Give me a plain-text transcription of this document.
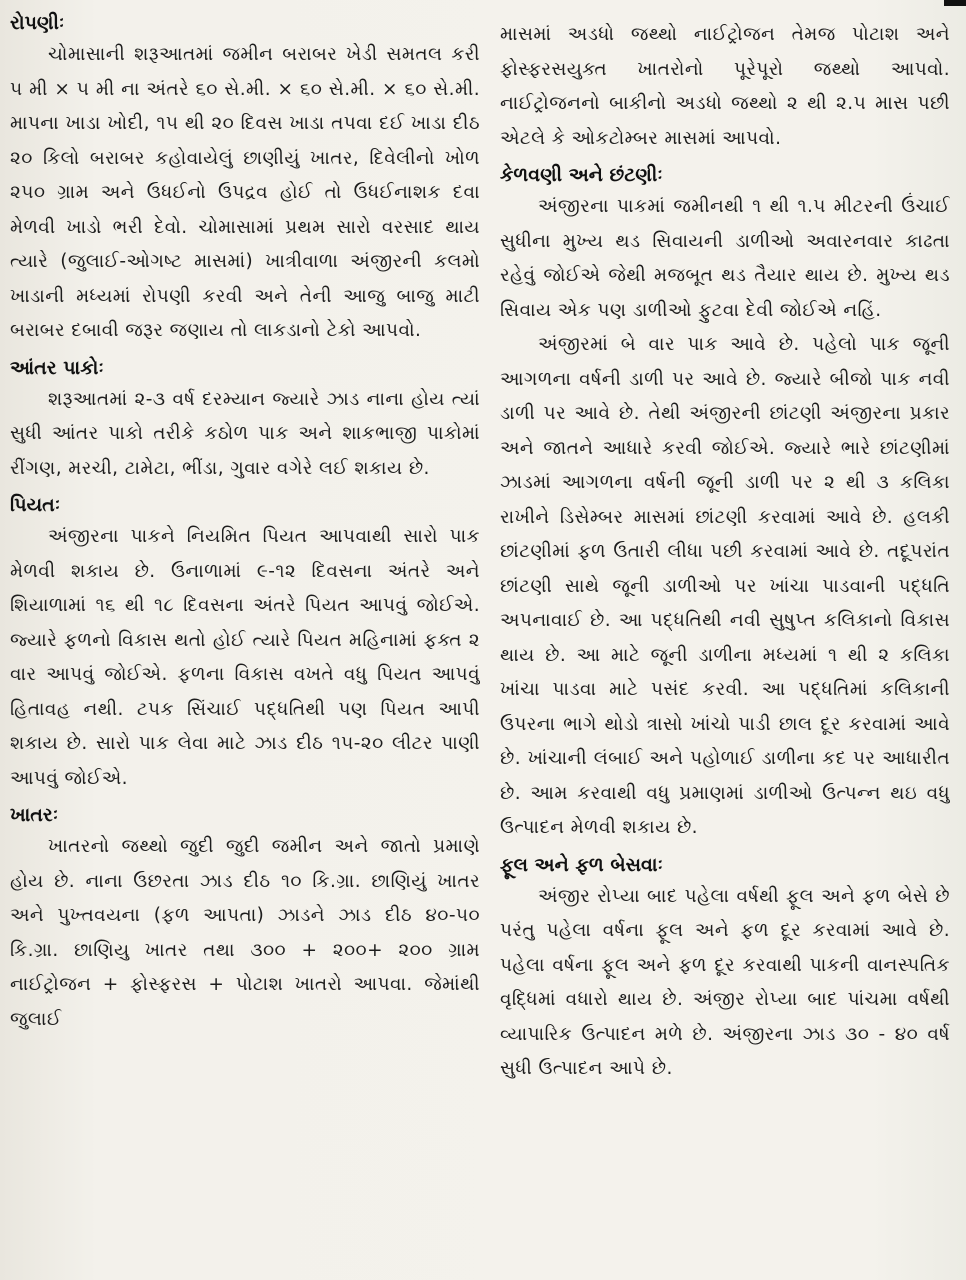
રોપણીઃ

ચોમાસાની શરૂઆતમાં જમીન બરાબર ખેડી સમતલ કરી ૫ મી × ૫ મી ના અંતરે ૬૦ સે.મી. × ૬૦ સે.મી. × ૬૦ સે.મી. માપના ખાડા ખોદી, ૧૫ થી ૨૦ દિવસ ખાડા તપવા દઈ ખાડા દીઠ ૨૦ કિલો બરાબર કહોવાયેલું છાણીયું ખાતર, દિવેલીનો ખોળ ૨૫૦ ગ્રામ અને ઉધઈનો ઉપદ્રવ હોઈ તો ઉધઈનાશક દવા મેળવી ખાડો ભરી દેવો. ચોમાસામાં પ્રથમ સારો વરસાદ થાય ત્યારે (જુલાઈ-ઓગષ્ટ માસમાં) ખાત્રીવાળા અંજીરની કલમો ખાડાની મધ્યમાં રોપણી કરવી અને તેની આજુ બાજુ માટી બરાબર દબાવી જરૂર જણાય તો લાકડાનો ટેકો આપવો.

આંતર પાકોઃ

શરૂઆતમાં ૨-૩ વર્ષ દરમ્યાન જ્યારે ઝાડ નાના હોય ત્યાં સુધી આંતર પાકો તરીકે કઠોળ પાક અને શાકભાજી પાકોમાં રીંગણ, મરચી, ટામેટા, ભીંડા, ગુવાર વગેરે લઈ શકાય છે.

પિયતઃ

અંજીરના પાકને નિયમિત પિયત આપવાથી સારો પાક મેળવી શકાય છે. ઉનાળામાં ૯-૧૨ દિવસના અંતરે અને શિયાળામાં ૧૬ થી ૧૮ દિવસના અંતરે પિયત આપવું જોઈએ. જ્યારે ફળનો વિકાસ થતો હોઈ ત્યારે પિયત મહિનામાં ફક્ત ૨ વાર આપવું જોઈએ. ફળના વિકાસ વખતે વધુ પિયત આપવું હિતાવહ નથી. ટપક સિંચાઈ પદ્ધતિથી પણ પિયત આપી શકાય છે. સારો પાક લેવા માટે ઝાડ દીઠ ૧૫-૨૦ લીટર પાણી આપવું જોઈએ.

ખાતરઃ

ખાતરનો જથ્થો જુદી જુદી જમીન અને જાતો પ્રમાણે હોય છે. નાના ઉછરતા ઝાડ દીઠ ૧૦ કિ.ગ્રા. છાણિયું ખાતર અને પુખ્તવયના (ફળ આપતા) ઝાડને ઝાડ દીઠ ૪૦-૫૦ કિ.ગ્રા. છાણિયુ ખાતર તથા ૩૦૦ + ૨૦૦+ ૨૦૦ ગ્રામ નાઈટ્રોજન + ફોસ્ફરસ + પોટાશ ખાતરો આપવા. જેમાંથી જુલાઈ

માસમાં અડધો જથ્થો નાઈટ્રોજન તેમજ પોટાશ અને ફોસ્ફરસયુક્ત ખાતરોનો પૂરેપૂરો જથ્થો આપવો. નાઈટ્રોજનનો બાકીનો અડધો જથ્થો ૨ થી ૨.૫ માસ પછી એટલે કે ઓકટોમ્બર માસમાં આપવો.

કેળવણી અને છંટણીઃ

અંજીરના પાકમાં જમીનથી ૧ થી ૧.૫ મીટરની ઉંચાઈ સુધીના મુખ્ય થડ સિવાયની ડાળીઓ અવારનવાર કાઢતા રહેવું જોઈએ જેથી મજબૂત થડ તૈયાર થાય છે. મુખ્ય થડ સિવાય એક પણ ડાળીઓ ફુટવા દેવી જોઈએ નહિં.

અંજીરમાં બે વાર પાક આવે છે. પહેલો પાક જૂની આગળના વર્ષની ડાળી પર આવે છે. જ્યારે બીજો પાક નવી ડાળી પર આવે છે. તેથી અંજીરની છાંટણી અંજીરના પ્રકાર અને જાતને આધારે કરવી જોઈએ. જ્યારે ભારે છાંટણીમાં ઝાડમાં આગળના વર્ષની જૂની ડાળી પર ૨ થી ૩ કલિકા રાખીને ડિસેમ્બર માસમાં છાંટણી કરવામાં આવે છે. હલકી છાંટણીમાં ફળ ઉતારી લીધા પછી કરવામાં આવે છે. તદૂપરાંત છાંટણી સાથે જૂની ડાળીઓ પર ખાંચા પાડવાની પદ્ધતિ અપનાવાઈ છે. આ પદ્ધતિથી નવી સુષુપ્ત કલિકાનો વિકાસ થાય છે. આ માટે જૂની ડાળીના મધ્યમાં ૧ થી ૨ કલિકા ખાંચા પાડવા માટે પસંદ કરવી. આ પદ્ધતિમાં કલિકાની ઉપરના ભાગે થોડો ત્રાસો ખાંચો પાડી છાલ દૂર કરવામાં આવે છે. ખાંચાની લંબાઈ અને પહોળાઈ ડાળીના કદ પર આધારીત છે. આમ કરવાથી વધુ પ્રમાણમાં ડાળીઓ ઉત્પન્ન થઇ વધુ ઉત્પાદન મેળવી શકાય છે.

ફૂલ અને ફળ બેસવાઃ

અંજીર રોપ્યા બાદ પહેલા વર્ષથી ફૂલ અને ફળ બેસે છે પરંતુ પહેલા વર્ષના ફૂલ અને ફળ દૂર કરવામાં આવે છે. પહેલા વર્ષના ફૂલ અને ફળ દૂર કરવાથી પાકની વાનસ્પતિક વૃદ્ધિમાં વધારો થાય છે. અંજીર રોપ્યા બાદ પાંચમા વર્ષથી વ્યાપારિક ઉત્પાદન મળે છે. અંજીરના ઝાડ ૩૦ - ૪૦ વર્ષ સુધી ઉત્પાદન આપે છે.
